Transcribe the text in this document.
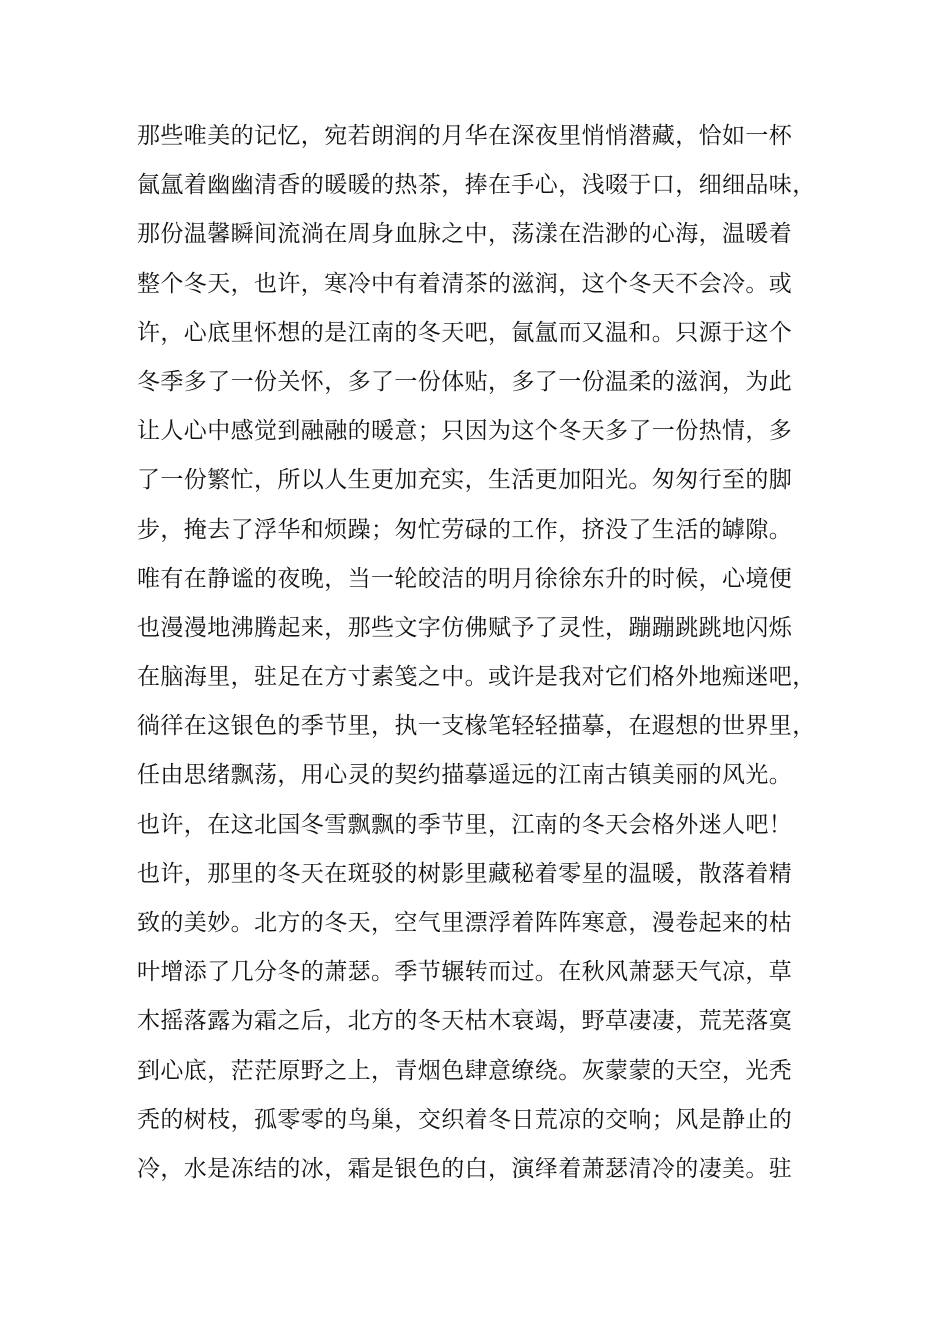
那些唯美的记忆，宛若朗润的月华在深夜里悄悄潜藏，恰如一杯
氤氲着幽幽清香的暖暖的热茶，捧在手心，浅啜于口，细细品味，
那份温馨瞬间流淌在周身血脉之中，荡漾在浩渺的心海，温暖着
整个冬天，也许，寒冷中有着清茶的滋润，这个冬天不会冷。或
许，心底里怀想的是江南的冬天吧，氤氲而又温和。只源于这个
冬季多了一份关怀，多了一份体贴，多了一份温柔的滋润，为此
让人心中感觉到融融的暖意；只因为这个冬天多了一份热情，多
了一份繁忙，所以人生更加充实，生活更加阳光。匆匆行至的脚
步，掩去了浮华和烦躁；匆忙劳碌的工作，挤没了生活的罅隙。
唯有在静谧的夜晚，当一轮皎洁的明月徐徐东升的时候，心境便
也漫漫地沸腾起来，那些文字仿佛赋予了灵性，蹦蹦跳跳地闪烁
在脑海里，驻足在方寸素笺之中。或许是我对它们格外地痴迷吧，
徜徉在这银色的季节里，执一支椽笔轻轻描摹，在遐想的世界里，
任由思绪飘荡，用心灵的契约描摹遥远的江南古镇美丽的风光。
也许，在这北国冬雪飘飘的季节里，江南的冬天会格外迷人吧！
也许，那里的冬天在斑驳的树影里藏秘着零星的温暖，散落着精
致的美妙。北方的冬天，空气里漂浮着阵阵寒意，漫卷起来的枯
叶增添了几分冬的萧瑟。季节辗转而过。在秋风萧瑟天气凉，草
木摇落露为霜之后，北方的冬天枯木衰竭，野草凄凄，荒芜落寞
到心底，茫茫原野之上，青烟色肆意缭绕。灰蒙蒙的天空，光秃
秃的树枝，孤零零的鸟巢，交织着冬日荒凉的交响；风是静止的
冷，水是冻结的冰，霜是银色的白，演绎着萧瑟清冷的凄美。驻
